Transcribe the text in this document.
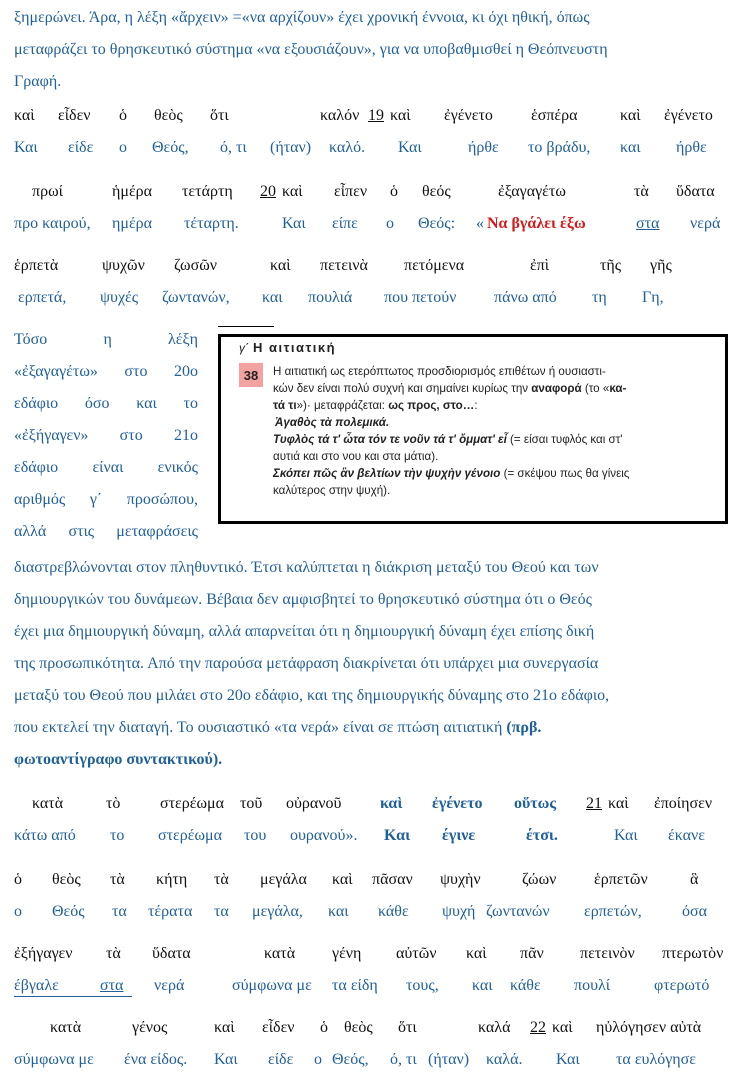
ξημερώνει. Άρα, η λέξη «ἄρχειν» =«να αρχίζουν» έχει χρονική έννοια, κι όχι ηθική, όπως
μεταφράζει το θρησκευτικό σύστημα «να εξουσιάζουν», για να υποβαθμισθεί η Θεόπνευστη
Γραφή.
καὶ εἶδεν ὁ θεὸς ὅτι	καλόν 19 καὶ ἐγένετο ἑσπέρα	καὶ ἐγένετο
Και είδε ο Θεός, ό, τι (ήταν) καλό. Και	ήρθε το βράδυ, και ήρθε
πρωί	ἡμέρα τετάρτη 20 καὶ εἶπεν ὁ θεός	ἐξαγαγέτω	τὰ ὕδατα
προ καιρού, ημέρα τέταρτη.	Και είπε ο Θεός: « Να βγάλει έξω	στα νερά
ἑρπετὰ	ψυχῶν ζωσῶν	καὶ πετεινὰ πετόμενα	ἐπὶ	τῆς γῆς
ερπετά, ψυχές ζωντανών, και πουλιά που πετούν πάνω από τη Γη,
Τόσο	η	λέξη
«ἐξαγαγέτω» στο 20ο
εδάφιο όσο και το
«ἐξήγαγεν» στο 21ο
εδάφιο είναι ενικός
αριθμός γ΄ προσώπου,
αλλά στις μεταφράσεις
γ΄ Η αιτιατική
38	Η αιτιατική ως ετερόπτωτος προσδιορισμός επιθέτων ή ουσιαστι-
κών δεν είναι πολύ συχνή και σημαίνει κυρίως την αναφορά (το «κα-
τά τι»)· μεταφράζεται: ως προς, στο…:
Ἀγαθὸς τὰ πολεμικά.
Τυφλὸς τά τ' ὦτα τόν τε νοῦν τά τ' ὄμματ' εἶ (= είσαι τυφλός και στ'
αυτιά και στο νου και στα μάτια).
Σκόπει πῶς ἂν βελτίων τὴν ψυχὴν γένοιο (= σκέψου πως θα γίνεις
καλύτερος στην ψυχή).
διαστρεβλώνονται στον πληθυντικό. Έτσι καλύπτεται η διάκριση μεταξύ του Θεού και των
δημιουργικών του δυνάμεων. Βέβαια δεν αμφισβητεί το θρησκευτικό σύστημα ότι ο Θεός
έχει μια δημιουργική δύναμη, αλλά απαρνείται ότι η δημιουργική δύναμη έχει επίσης δική
της προσωπικότητα. Από την παρούσα μετάφραση διακρίνεται ότι υπάρχει μια συνεργασία
μεταξύ του Θεού που μιλάει στο 20ο εδάφιο, και της δημιουργικής δύναμης στο 21ο εδάφιο,
που εκτελεί την διαταγή. Το ουσιαστικό «τα νερά» είναι σε πτώση αιτιατική (πρβ.
φωτοαντίγραφο συντακτικού).
κατὰ	τὸ στερέωμα τοῦ οὐρανοῦ καὶ ἐγένετο οὕτως 21 καὶ ἐποίησεν
κάτω από το στερέωμα του ουρανού». Και έγινε	έτσι.	Και έκανε
ὁ θεὸς τὰ κήτη τὰ μεγάλα καὶ πᾶσαν ψυχὴν	ζώων ἑρπετῶν	ἃ
ο Θεός τα τέρατα τα μεγάλα, και κάθε ψυχή ζωντανών ερπετών,	όσα
ἐξήγαγεν τὰ ὕδατα	κατὰ γένη αὐτῶν καὶ πᾶν πετεινὸν πτερωτὸν
έβγαλε	στα νερά	σύμφωνα με τα είδη τους, και κάθε πουλί	φτερωτό
κατὰ	γένος	καὶ εἶδεν ὁ θεὸς ὅτι	καλά 22 καὶ ηὐλόγησεν αὐτὰ
σύμφωνα με ένα είδος. Και είδε ο Θεός, ό, τι (ήταν) καλά. Και τα ευλόγησε
